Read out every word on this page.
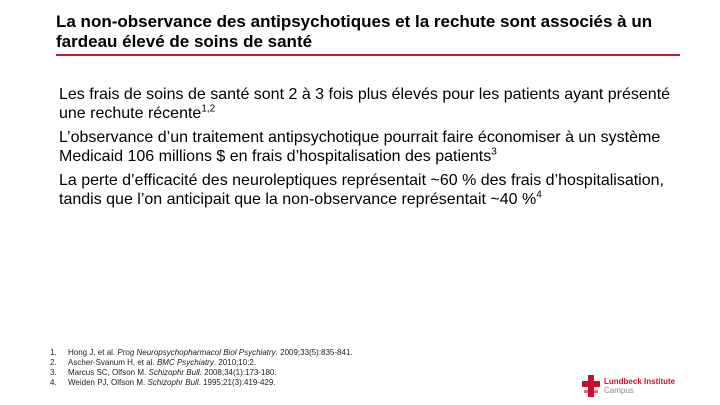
La non-observance des antipsychotiques et la rechute sont associés à un fardeau élevé de soins de santé
Les frais de soins de santé sont 2 à 3 fois plus élevés pour les patients ayant présenté une rechute récente$^{1,2}$
L’observance d’un traitement antipsychotique pourrait faire économiser à un système Medicaid 106 millions $ en frais d’hospitalisation des patients$^3$
La perte d’efficacité des neuroleptiques représentait ~60 % des frais d’hospitalisation, tandis que l’on anticipait que la non-observance représentait ~40 %$^4$
1.	Hong J, et al. Prog Neuropsychopharmacol Biol Psychiatry. 2009;33(5):835-841.
2.	Ascher-Svanum H, et al. BMC Psychiatry. 2010;10:2.
3.	Marcus SC, Olfson M. Schizophr Bull. 2008;34(1):173-180.
4.	Weiden PJ, Olfson M. Schizophr Bull. 1995;21(3):419-429.	Lundbeck Institute
Campus
